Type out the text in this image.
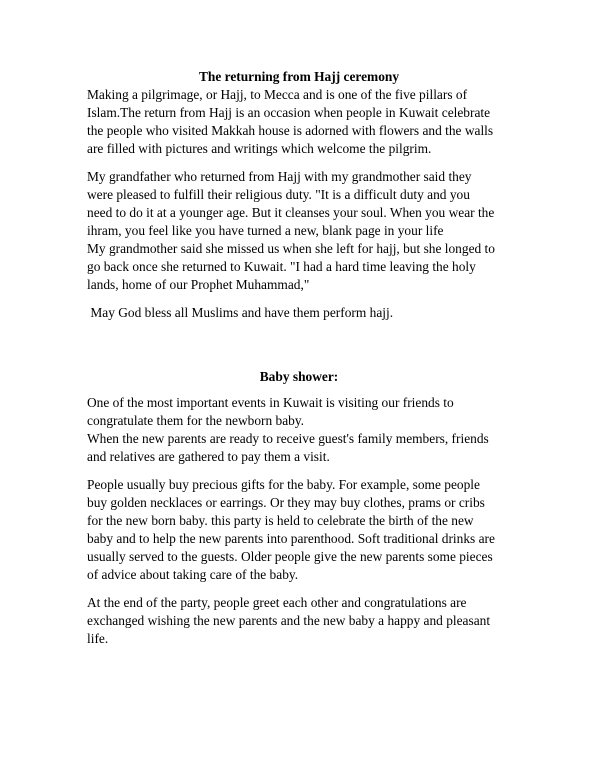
The returning from Hajj ceremony

Making a pilgrimage, or Hajj, to Mecca and is one of the five pillars of
Islam.The return from Hajj is an occasion when people in Kuwait celebrate
the people who visited Makkah house is adorned with flowers and the walls
are filled with pictures and writings which welcome the pilgrim.

My grandfather who returned from Hajj with my grandmother said they
were pleased to fulfill their religious duty. "It is a difficult duty and you
need to do it at a younger age. But it cleanses your soul. When you wear the
ihram, you feel like you have turned a new, blank page in your life
My grandmother said she missed us when she left for hajj, but she longed to
go back once she returned to Kuwait. "I had a hard time leaving the holy
lands, home of our Prophet Muhammad,"

May God bless all Muslims and have them perform hajj.

Baby shower:

One of the most important events in Kuwait is visiting our friends to
congratulate them for the newborn baby.
When the new parents are ready to receive guest's family members, friends
and relatives are gathered to pay them a visit.

People usually buy precious gifts for the baby. For example, some people
buy golden necklaces or earrings. Or they may buy clothes, prams or cribs
for the new born baby. this party is held to celebrate the birth of the new
baby and to help the new parents into parenthood. Soft traditional drinks are
usually served to the guests. Older people give the new parents some pieces
of advice about taking care of the baby.

At the end of the party, people greet each other and congratulations are
exchanged wishing the new parents and the new baby a happy and pleasant
life.
